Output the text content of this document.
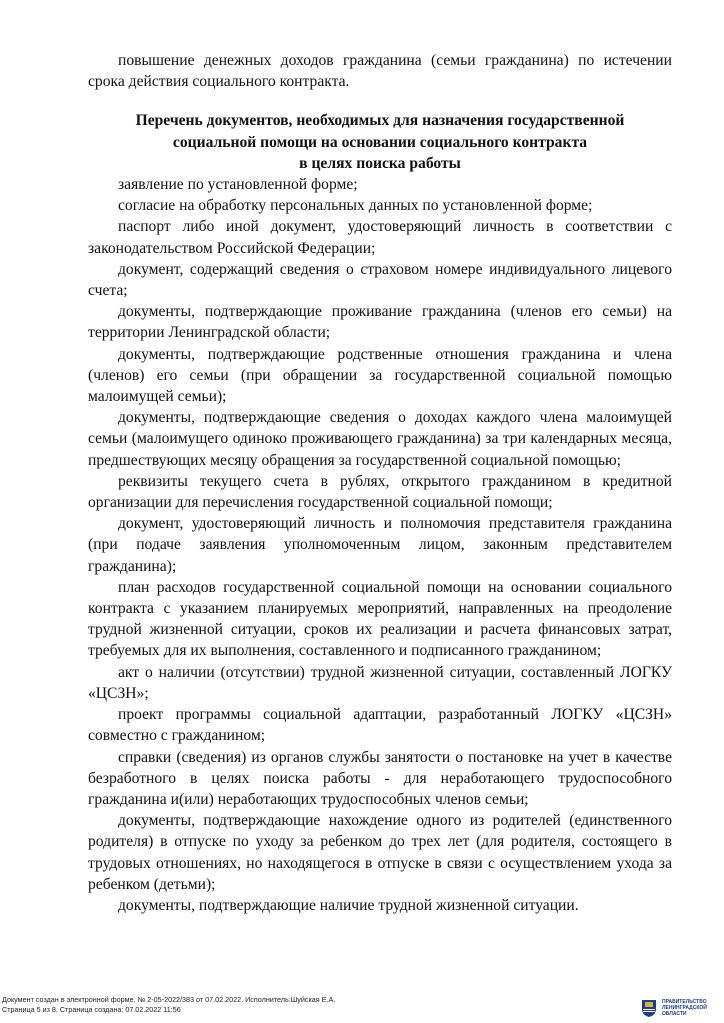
повышение денежных доходов гражданина (семьи гражданина) по истечении срока действия социального контракта.

Перечень документов, необходимых для назначения государственной
социальной помощи на основании социального контракта
в целях поиска работы

заявление по установленной форме;

согласие на обработку персональных данных по установленной форме;

паспорт либо иной документ, удостоверяющий личность в соответствии с законодательством Российской Федерации;

документ, содержащий сведения о страховом номере индивидуального лицевого счета;

документы, подтверждающие проживание гражданина (членов его семьи) на территории Ленинградской области;

документы, подтверждающие родственные отношения гражданина и члена (членов) его семьи (при обращении за государственной социальной помощью малоимущей семьи);

документы, подтверждающие сведения о доходах каждого члена малоимущей семьи (малоимущего одиноко проживающего гражданина) за три календарных месяца, предшествующих месяцу обращения за государственной социальной помощью;

реквизиты текущего счета в рублях, открытого гражданином в кредитной организации для перечисления государственной социальной помощи;

документ, удостоверяющий личность и полномочия представителя гражданина (при подаче заявления уполномоченным лицом, законным представителем гражданина);

план расходов государственной социальной помощи на основании социального контракта с указанием планируемых мероприятий, направленных на преодоление трудной жизненной ситуации, сроков их реализации и расчета финансовых затрат, требуемых для их выполнения, составленного и подписанного гражданином;

акт о наличии (отсутствии) трудной жизненной ситуации, составленный ЛОГКУ «ЦСЗН»;

проект программы социальной адаптации, разработанный ЛОГКУ «ЦСЗН» совместно с гражданином;

справки (сведения) из органов службы занятости о постановке на учет в качестве безработного в целях поиска работы - для неработающего трудоспособного гражданина и(или) неработающих трудоспособных членов семьи;

документы, подтверждающие нахождение одного из родителей (единственного родителя) в отпуске по уходу за ребенком до трех лет (для родителя, состоящего в трудовых отношениях, но находящегося в отпуске в связи с осуществлением ухода за ребенком (детьми);

документы, подтверждающие наличие трудной жизненной ситуации.

Документ создан в электронной форме. № 2-05-2022/383 от 07.02.2022. Исполнитель:Шуйская Е.А.
Страница 5 из 8. Страница создана: 07.02.2022 11:56
ПРАВИТЕЛЬСТВО
ЛЕНИНГРАДСКОЙ
ОБЛАСТИ
